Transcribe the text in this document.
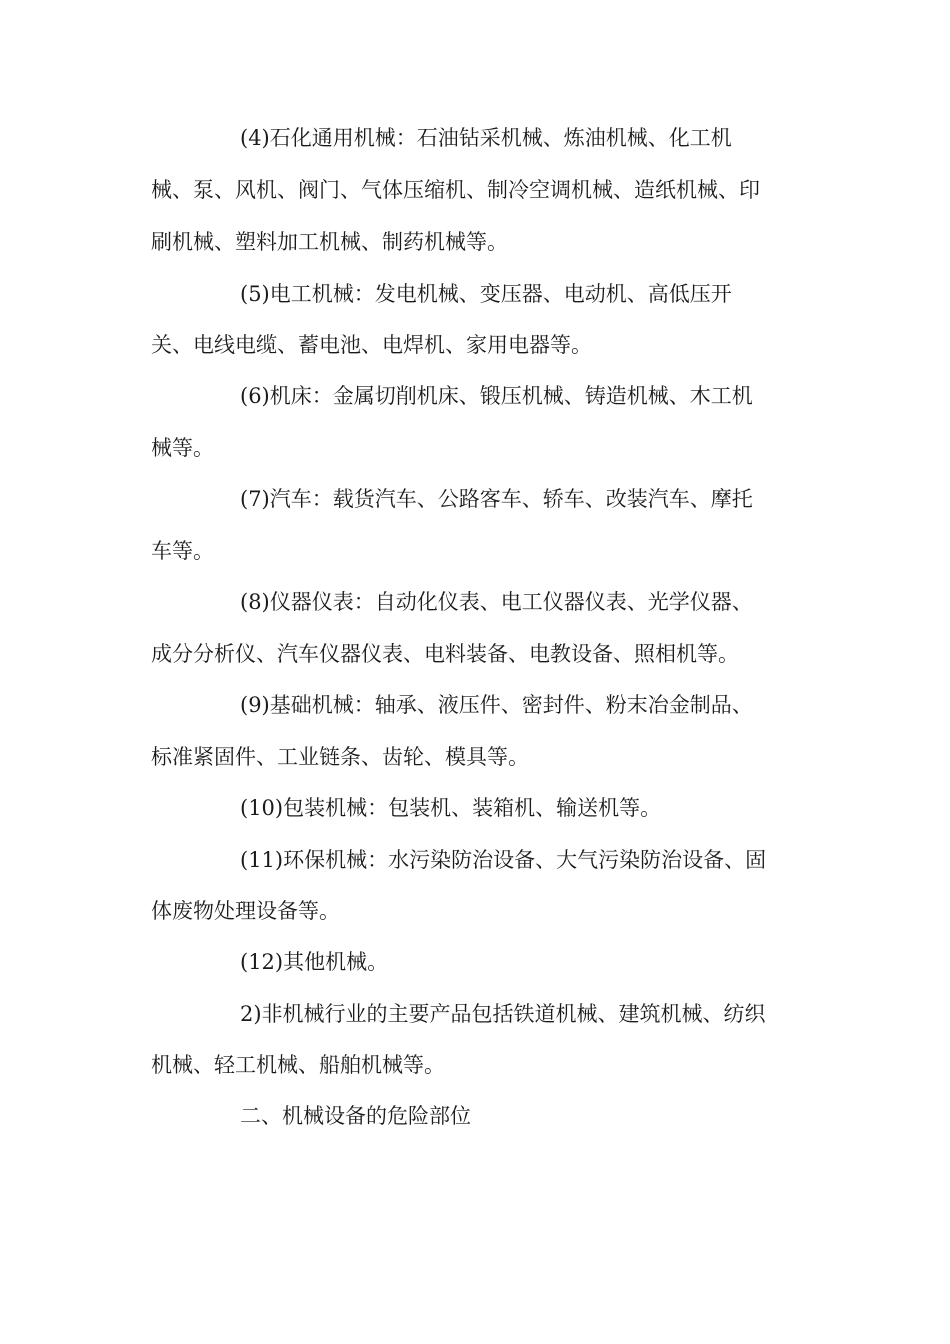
(4)石化通用机械：石油钻采机械、炼油机械、化工机
械、泵、风机、阀门、气体压缩机、制冷空调机械、造纸机械、印
刷机械、塑料加工机械、制药机械等。
(5)电工机械：发电机械、变压器、电动机、高低压开
关、电线电缆、蓄电池、电焊机、家用电器等。
(6)机床：金属切削机床、锻压机械、铸造机械、木工机
械等。
(7)汽车：载货汽车、公路客车、轿车、改装汽车、摩托
车等。
(8)仪器仪表：自动化仪表、电工仪器仪表、光学仪器、
成分分析仪、汽车仪器仪表、电料装备、电教设备、照相机等。
(9)基础机械：轴承、液压件、密封件、粉末冶金制品、
标准紧固件、工业链条、齿轮、模具等。
(10)包装机械：包装机、装箱机、输送机等。
(11)环保机械：水污染防治设备、大气污染防治设备、固
体废物处理设备等。
(12)其他机械。
2)非机械行业的主要产品包括铁道机械、建筑机械、纺织
机械、轻工机械、船舶机械等。
二、机械设备的危险部位
